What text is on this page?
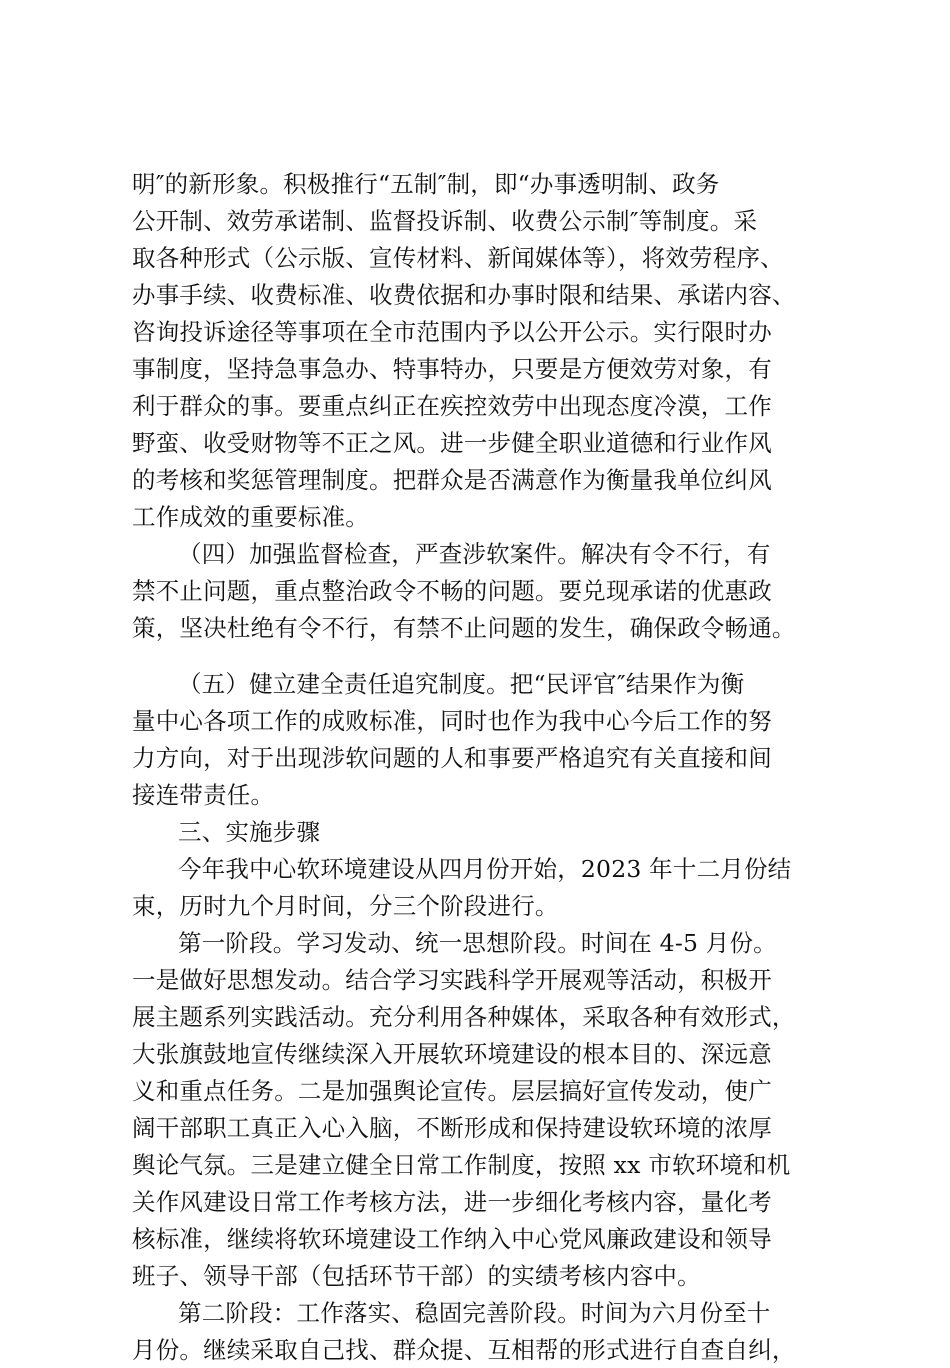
明″的新形象。积极推行“五制″制，即“办事透明制、政务
公开制、效劳承诺制、监督投诉制、收费公示制″等制度。采
取各种形式（公示版、宣传材料、新闻媒体等），将效劳程序、
办事手续、收费标准、收费依据和办事时限和结果、承诺内容、
咨询投诉途径等事项在全市范围内予以公开公示。实行限时办
事制度，坚持急事急办、特事特办，只要是方便效劳对象，有
利于群众的事。要重点纠正在疾控效劳中出现态度冷漠，工作
野蛮、收受财物等不正之风。进一步健全职业道德和行业作风
的考核和奖惩管理制度。把群众是否满意作为衡量我单位纠风
工作成效的重要标准。
（四）加强监督检查，严查涉软案件。解决有令不行，有
禁不止问题，重点整治政令不畅的问题。要兑现承诺的优惠政
策，坚决杜绝有令不行，有禁不止问题的发生，确保政令畅通。
（五）健立建全责任追究制度。把“民评官″结果作为衡
量中心各项工作的成败标准，同时也作为我中心今后工作的努
力方向，对于出现涉软问题的人和事要严格追究有关直接和间
接连带责任。
三、实施步骤
今年我中心软环境建设从四月份开始，2023 年十二月份结
束，历时九个月时间，分三个阶段进行。
第一阶段。学习发动、统一思想阶段。时间在 4-5 月份。
一是做好思想发动。结合学习实践科学开展观等活动，积极开
展主题系列实践活动。充分利用各种媒体，采取各种有效形式，
大张旗鼓地宣传继续深入开展软环境建设的根本目的、深远意
义和重点任务。二是加强舆论宣传。层层搞好宣传发动，使广
阔干部职工真正入心入脑，不断形成和保持建设软环境的浓厚
舆论气氛。三是建立健全日常工作制度，按照 xx 市软环境和机
关作风建设日常工作考核方法，进一步细化考核内容，量化考
核标准，继续将软环境建设工作纳入中心党风廉政建设和领导
班子、领导干部（包括环节干部）的实绩考核内容中。
第二阶段：工作落实、稳固完善阶段。时间为六月份至十
月份。继续采取自己找、群众提、互相帮的形式进行自查自纠，
